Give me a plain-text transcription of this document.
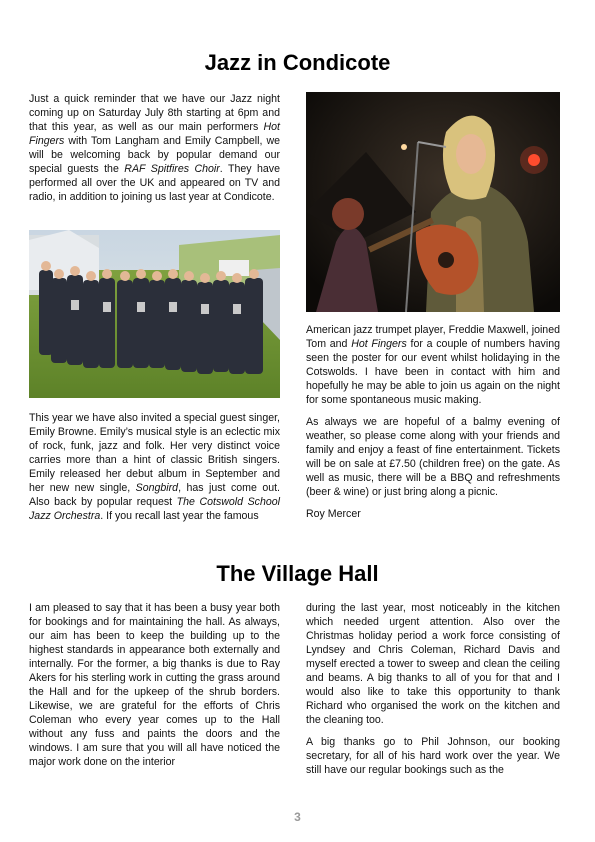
Jazz in Condicote

Just a quick reminder that we have our Jazz night coming up on Saturday July 8th starting at 6pm and that this year, as well as our main performers Hot Fingers with Tom Langham and Emily Campbell, we will be welcoming back by popular demand our special guests the RAF Spitfires Choir. They have performed all over the UK and appeared on TV and radio, in addition to joining us last year at Condicote.

This year we have also invited a special guest singer, Emily Browne. Emily’s musical style is an eclectic mix of rock, funk, jazz and folk. Her very distinct voice carries more than a hint of classic British singers. Emily released her debut album in September and her new new single, Songbird, has just come out. Also back by popular request The Cotswold School Jazz Orchestra. If you recall last year the famous

American jazz trumpet player, Freddie Maxwell, joined Tom and Hot Fingers for a couple of numbers having seen the poster for our event whilst holidaying in the Cotswolds. I have been in contact with him and hopefully he may be able to join us again on the night for some spontaneous music making.

As always we are hopeful of a balmy evening of weather, so please come along with your friends and family and enjoy a feast of fine entertainment. Tickets will be on sale at £7.50 (children free) on the gate. As well as music, there will be a BBQ and refreshments (beer & wine) or just bring along a picnic.

Roy Mercer

The Village Hall

I am pleased to say that it has been a busy year both for bookings and for maintaining the hall. As always, our aim has been to keep the building up to the highest standards in appearance both externally and internally. For the former, a big thanks is due to Ray Akers for his sterling work in cutting the grass around the Hall and for the upkeep of the shrub borders. Likewise, we are grateful for the efforts of Chris Coleman who every year comes up to the Hall without any fuss and paints the doors and the windows. I am sure that you will all have noticed the major work done on the interior

during the last year, most noticeably in the kitchen which needed urgent attention. Also over the Christmas holiday period a work force consisting of Lyndsey and Chris Coleman, Richard Davis and myself erected a tower to sweep and clean the ceiling and beams. A big thanks to all of you for that and I would also like to take this opportunity to thank Richard who organised the work on the kitchen and the cleaning too.

A big thanks go to Phil Johnson, our booking secretary, for all of his hard work over the year. We still have our regular bookings such as the

3
